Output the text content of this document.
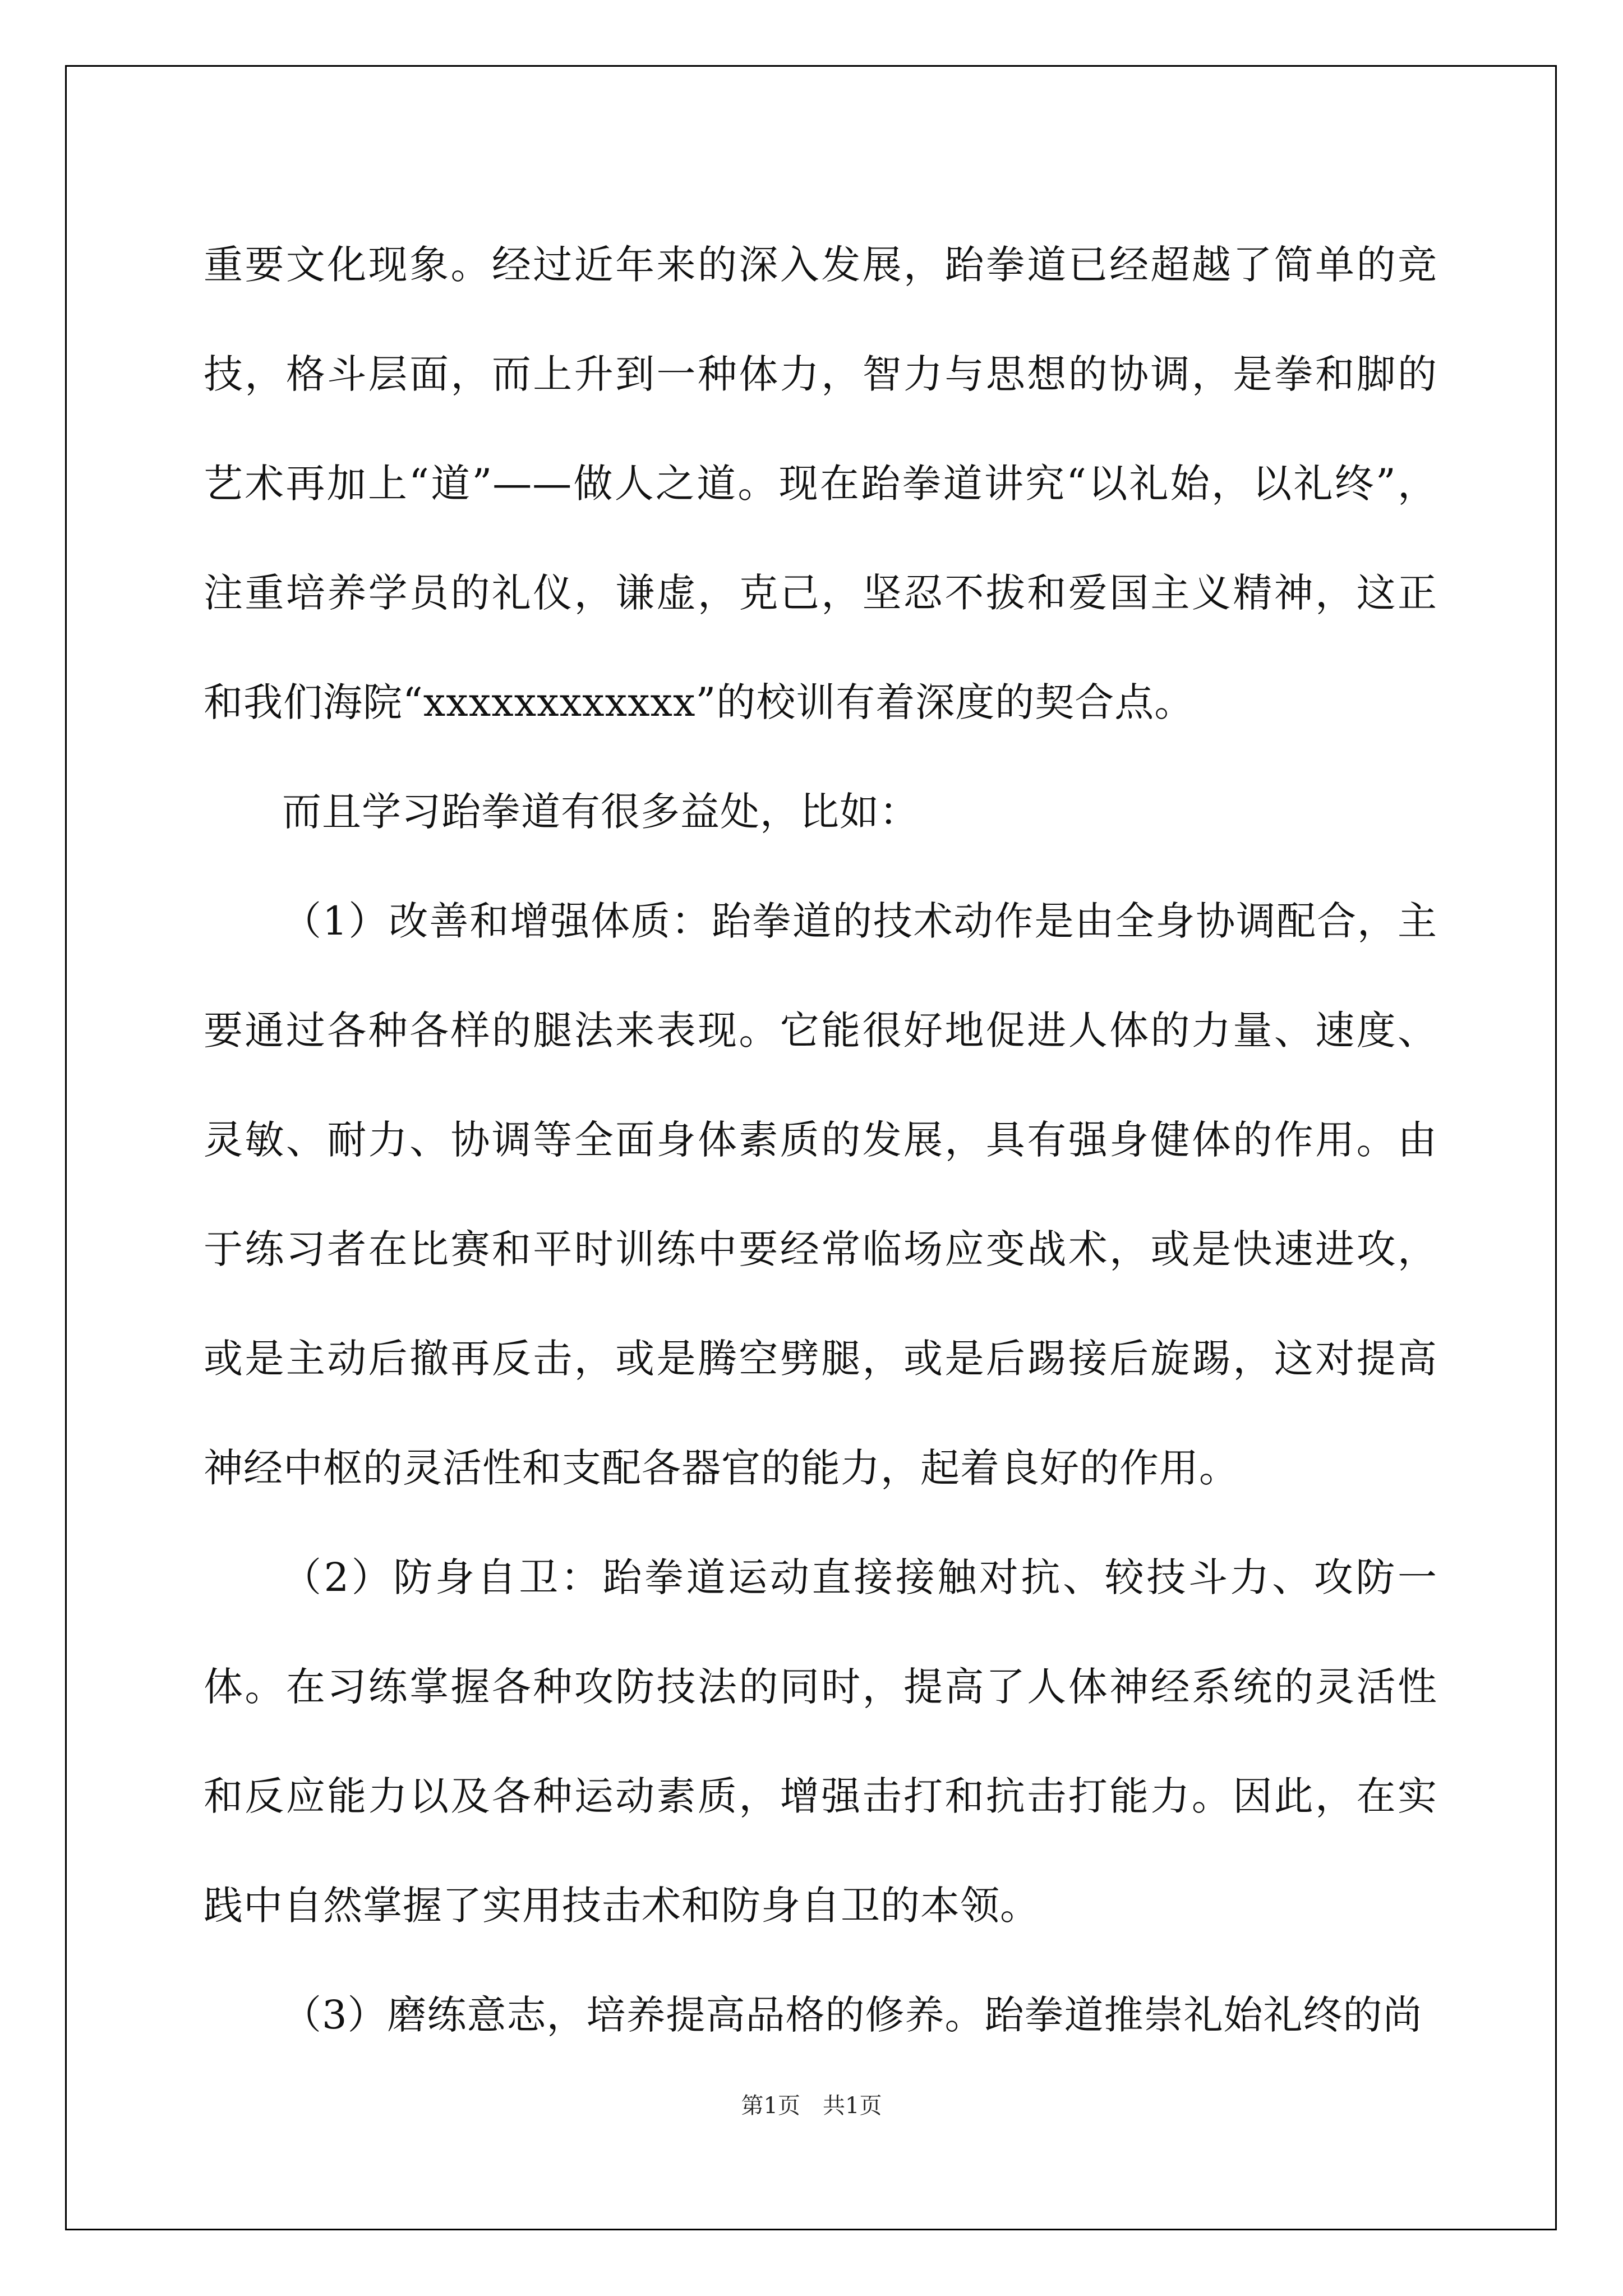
重要文化现象。经过近年来的深入发展，跆拳道已经超越了简单的竞技，格斗层面，而上升到一种体力，智力与思想的协调，是拳和脚的艺术再加上“道”——做人之道。现在跆拳道讲究“以礼始，以礼终”，注重培养学员的礼仪，谦虚，克己，坚忍不拔和爱国主义精神，这正和我们海院“xxxxxxxxxxxx”的校训有着深度的契合点。

而且学习跆拳道有很多益处，比如：

（1）改善和增强体质：跆拳道的技术动作是由全身协调配合，主要通过各种各样的腿法来表现。它能很好地促进人体的力量、速度、灵敏、耐力、协调等全面身体素质的发展，具有强身健体的作用。由于练习者在比赛和平时训练中要经常临场应变战术，或是快速进攻，或是主动后撤再反击，或是腾空劈腿，或是后踢接后旋踢，这对提高神经中枢的灵活性和支配各器官的能力，起着良好的作用。

（2）防身自卫：跆拳道运动直接接触对抗、较技斗力、攻防一体。在习练掌握各种攻防技法的同时，提高了人体神经系统的灵活性和反应能力以及各种运动素质，增强击打和抗击打能力。因此，在实践中自然掌握了实用技击术和防身自卫的本领。

（3）磨练意志，培养提高品格的修养。跆拳道推崇礼始礼终的尚

第1页 共1页
